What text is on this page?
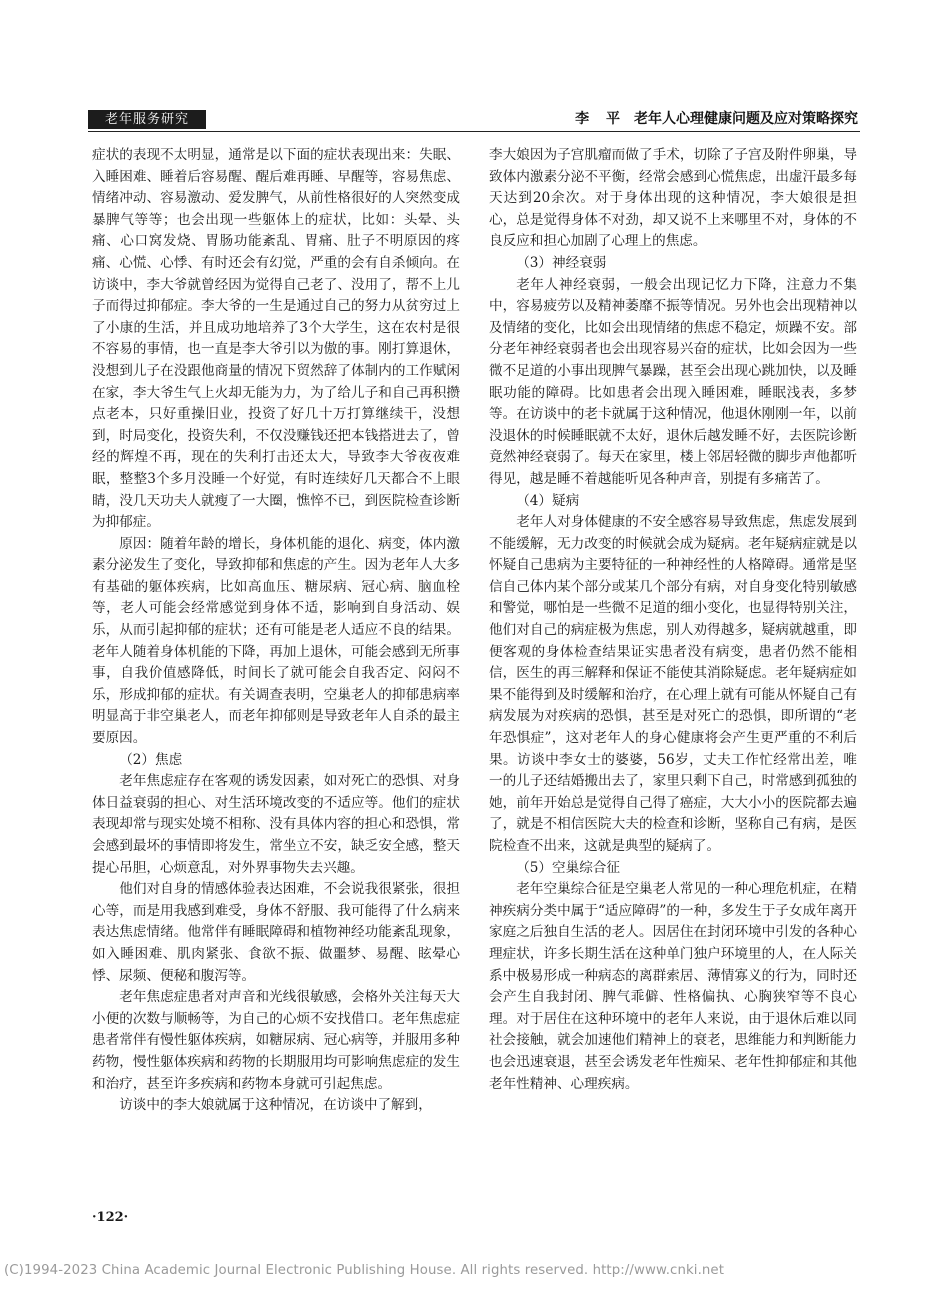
老年服务研究	李 平 老年人心理健康问题及应对策略探究

症状的表现不太明显，通常是以下面的症状表现出来：失眠、入睡困难、睡着后容易醒、醒后难再睡、早醒等，容易焦虑、情绪冲动、容易激动、爱发脾气，从前性格很好的人突然变成暴脾气等等；也会出现一些躯体上的症状，比如：头晕、头痛、心口窝发烧、胃肠功能紊乱、胃痛、肚子不明原因的疼痛、心慌、心悸、有时还会有幻觉，严重的会有自杀倾向。在访谈中，李大爷就曾经因为觉得自己老了、没用了，帮不上儿子而得过抑郁症。李大爷的一生是通过自己的努力从贫穷过上了小康的生活，并且成功地培养了3个大学生，这在农村是很不容易的事情，也一直是李大爷引以为傲的事。刚打算退休，没想到儿子在没跟他商量的情况下贸然辞了体制内的工作赋闲在家，李大爷生气上火却无能为力，为了给儿子和自己再积攒点老本，只好重操旧业，投资了好几十万打算继续干，没想到，时局变化，投资失利，不仅没赚钱还把本钱搭进去了，曾经的辉煌不再，现在的失利打击还太大，导致李大爷夜夜难眠，整整3个多月没睡一个好觉，有时连续好几天都合不上眼睛，没几天功夫人就瘦了一大圈，憔悴不已，到医院检查诊断为抑郁症。

原因：随着年龄的增长，身体机能的退化、病变，体内激素分泌发生了变化，导致抑郁和焦虑的产生。因为老年人大多有基础的躯体疾病，比如高血压、糖尿病、冠心病、脑血栓等，老人可能会经常感觉到身体不适，影响到自身活动、娱乐，从而引起抑郁的症状；还有可能是老人适应不良的结果。老年人随着身体机能的下降，再加上退休，可能会感到无所事事，自我价值感降低，时间长了就可能会自我否定、闷闷不乐，形成抑郁的症状。有关调查表明，空巢老人的抑郁患病率明显高于非空巢老人，而老年抑郁则是导致老年人自杀的最主要原因。

（2）焦虑

老年焦虑症存在客观的诱发因素，如对死亡的恐惧、对身体日益衰弱的担心、对生活环境改变的不适应等。他们的症状表现却常与现实处境不相称、没有具体内容的担心和恐惧，常会感到最坏的事情即将发生，常坐立不安，缺乏安全感，整天提心吊胆，心烦意乱，对外界事物失去兴趣。

他们对自身的情感体验表达困难，不会说我很紧张，很担心等，而是用我感到难受，身体不舒服、我可能得了什么病来表达焦虑情绪。他常伴有睡眠障碍和植物神经功能紊乱现象，如入睡困难、肌肉紧张、食欲不振、做噩梦、易醒、眩晕心悸、尿频、便秘和腹泻等。

老年焦虑症患者对声音和光线很敏感，会格外关注每天大小便的次数与顺畅等，为自己的心烦不安找借口。老年焦虑症患者常伴有慢性躯体疾病，如糖尿病、冠心病等，并服用多种药物，慢性躯体疾病和药物的长期服用均可影响焦虑症的发生和治疗，甚至许多疾病和药物本身就可引起焦虑。

访谈中的李大娘就属于这种情况，在访谈中了解到，

李大娘因为子宫肌瘤而做了手术，切除了子宫及附件卵巢，导致体内激素分泌不平衡，经常会感到心慌焦虑，出虚汗最多每天达到20余次。对于身体出现的这种情况，李大娘很是担心，总是觉得身体不对劲，却又说不上来哪里不对，身体的不良反应和担心加剧了心理上的焦虑。

（3）神经衰弱

老年人神经衰弱，一般会出现记忆力下降，注意力不集中，容易疲劳以及精神萎靡不振等情况。另外也会出现精神以及情绪的变化，比如会出现情绪的焦虑不稳定，烦躁不安。部分老年神经衰弱者也会出现容易兴奋的症状，比如会因为一些微不足道的小事出现脾气暴躁，甚至会出现心跳加快，以及睡眠功能的障碍。比如患者会出现入睡困难，睡眠浅表，多梦等。在访谈中的老卡就属于这种情况，他退休刚刚一年，以前没退休的时候睡眠就不太好，退休后越发睡不好，去医院诊断竟然神经衰弱了。每天在家里，楼上邻居轻微的脚步声他都听得见，越是睡不着越能听见各种声音，别提有多痛苦了。

（4）疑病

老年人对身体健康的不安全感容易导致焦虑，焦虑发展到不能缓解，无力改变的时候就会成为疑病。老年疑病症就是以怀疑自己患病为主要特征的一种神经性的人格障碍。通常是坚信自己体内某个部分或某几个部分有病，对自身变化特别敏感和警觉，哪怕是一些微不足道的细小变化，也显得特别关注，他们对自己的病症极为焦虑，别人劝得越多，疑病就越重，即便客观的身体检查结果证实患者没有病变，患者仍然不能相信，医生的再三解释和保证不能使其消除疑虑。老年疑病症如果不能得到及时缓解和治疗，在心理上就有可能从怀疑自己有病发展为对疾病的恐惧，甚至是对死亡的恐惧，即所谓的“老年恐惧症”，这对老年人的身心健康将会产生更严重的不利后果。访谈中李女士的婆婆，56岁，丈夫工作忙经常出差，唯一的儿子还结婚搬出去了，家里只剩下自己，时常感到孤独的她，前年开始总是觉得自己得了癌症，大大小小的医院都去遍了，就是不相信医院大夫的检查和诊断，坚称自己有病，是医院检查不出来，这就是典型的疑病了。

（5）空巢综合征

老年空巢综合征是空巢老人常见的一种心理危机症，在精神疾病分类中属于“适应障碍”的一种，多发生于子女成年离开家庭之后独自生活的老人。因居住在封闭环境中引发的各种心理症状，许多长期生活在这种单门独户环境里的人，在人际关系中极易形成一种病态的离群索居、薄情寡义的行为，同时还会产生自我封闭、脾气乖僻、性格偏执、心胸狭窄等不良心理。对于居住在这种环境中的老年人来说，由于退休后难以同社会接触，就会加速他们精神上的衰老，思维能力和判断能力也会迅速衰退，甚至会诱发老年性痴呆、老年性抑郁症和其他老年性精神、心理疾病。

·122·
(C)1994-2023 China Academic Journal Electronic Publishing House. All rights reserved. http://www.cnki.net
